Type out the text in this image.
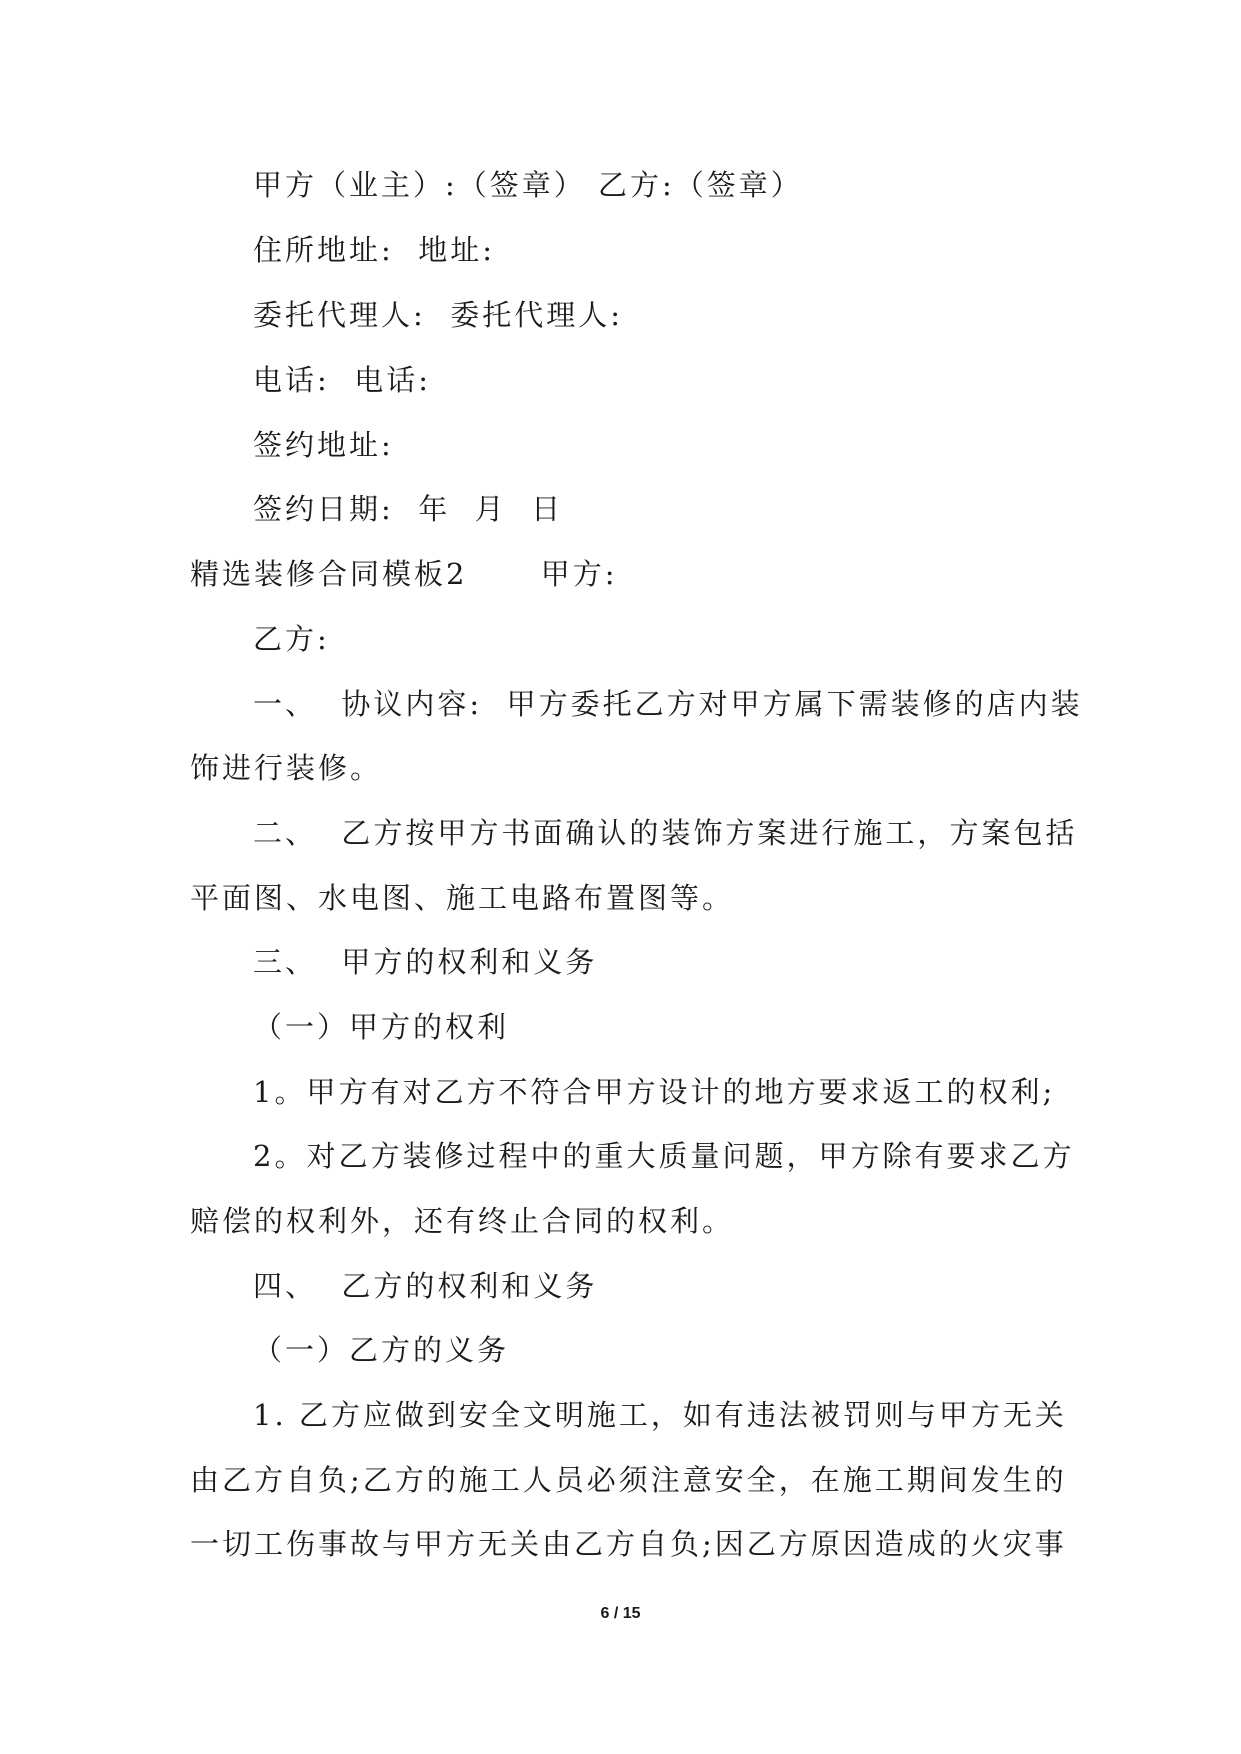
甲方（业主）:（签章） 乙方:（签章）
住所地址:  地址:
委托代理人:  委托代理人:
电话:  电话:
签约地址:
签约日期:  年  月  日
精选装修合同模板2      甲方:
乙方:
一、  协议内容:  甲方委托乙方对甲方属下需装修的店内装
饰进行装修。
二、  乙方按甲方书面确认的装饰方案进行施工，方案包括
平面图、水电图、施工电路布置图等。
三、  甲方的权利和义务
（一）甲方的权利
1。甲方有对乙方不符合甲方设计的地方要求返工的权利;
2。对乙方装修过程中的重大质量问题，甲方除有要求乙方
赔偿的权利外，还有终止合同的权利。
四、  乙方的权利和义务
（一）乙方的义务
1. 乙方应做到安全文明施工，如有违法被罚则与甲方无关
由乙方自负;乙方的施工人员必须注意安全，在施工期间发生的
一切工伤事故与甲方无关由乙方自负;因乙方原因造成的火灾事
6 / 15
